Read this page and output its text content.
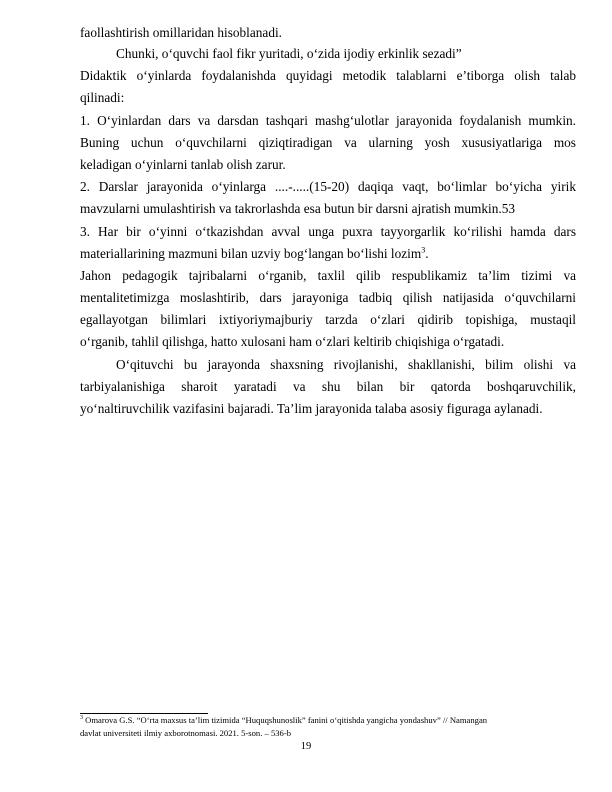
faollashtirish omillaridan hisoblanadi.
Chunki, o‘quvchi faol fikr yuritadi, o‘zida ijodiy erkinlik sezadi”
Didaktik o‘yinlarda foydalanishda quyidagi metodik talablarni e’tiborga olish talab
qilinadi:
1. O‘yinlardan dars va darsdan tashqari mashg‘ulotlar jarayonida foydalanish mumkin.
Buning uchun o‘quvchilarni qiziqtiradigan va ularning yosh xususiyatlariga mos
keladigan o‘yinlarni tanlab olish zarur.
2. Darslar jarayonida o‘yinlarga ....-.....(15-20) daqiqa vaqt, bo‘limlar bo‘yicha yirik
mavzularni umulashtirish va takrorlashda esa butun bir darsni ajratish mumkin.53
3. Har bir o‘yinni o‘tkazishdan avval unga puxra tayyorgarlik ko‘rilishi hamda dars
materiallarining mazmuni bilan uzviy bog‘langan bo‘lishi lozim$^3$.
Jahon pedagogik tajribalarni o‘rganib, taxlil qilib respublikamiz ta’lim tizimi va
mentalitetimizga moslashtirib, dars jarayoniga tadbiq qilish natijasida o‘quvchilarni
egallayotgan bilimlari ixtiyoriymajburiy tarzda o‘zlari qidirib topishiga, mustaqil
o‘rganib, tahlil qilishga, hatto xulosani ham o‘zlari keltirib chiqishiga o‘rgatadi.
O‘qituvchi bu jarayonda shaxsning rivojlanishi, shakllanishi, bilim olishi va
tarbiyalanishiga sharoit yaratadi va shu bilan bir qatorda boshqaruvchilik,
yo‘naltiruvchilik vazifasini bajaradi. Ta’lim jarayonida talaba asosiy figuraga aylanadi.
$^3$ Omarova G.S. “O‘rta maxsus ta’lim tizimida “Huquqshunoslik” fanini o‘qitishda yangicha yondashuv” // Namangan
davlat universiteti ilmiy axborotnomasi. 2021. 5-son. – 536-b
19
